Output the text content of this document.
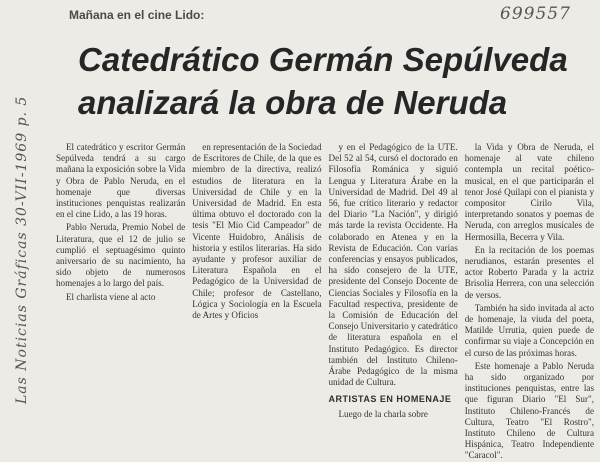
Las Noticias Gráficas 30-VII-1969 p. 5
699557
Mañana en el cine Lido:
Catedrático Germán Sepúlveda analizará la obra de Neruda

El catedrático y escritor Germán Sepúlveda tendrá a su cargo mañana la exposición sobre la Vida y Obra de Pablo Neruda, en el homenaje que diversas instituciones penquistas realizarán en el cine Lido, a las 19 horas.

Pablo Neruda, Premio Nobel de Literatura, que el 12 de julio se cumplió el septuagésimo quinto aniversario de su nacimiento, ha sido objeto de numerosos homenajes a lo largo del país.

El charlista viene al acto

en representación de la Sociedad de Escritores de Chile, de la que es miembro de la directiva, realizó estudios de literatura en la Universidad de Chile y en la Universidad de Madrid. En esta última obtuvo el doctorado con la tesis "El Mío Cid Campeador" de Vicente Huidobro, Análisis de historia y estilos literarias. Ha sido ayudante y profesor auxiliar de Literatura Española en el Pedagógico de la Universidad de Chile; profesor de Castellano, Lógica y Sociología en la Escuela de Artes y Oficios

y en el Pedagógico de la UTE. Del 52 al 54, cursó el doctorado en Filosofía Románica y siguió Lengua y Literatura Árabe en la Universidad de Madrid. Del 49 al 56, fue crítico literario y redactor del Diario "La Nación", y dirigió más tarde la revista Occidente. Ha colaborado en Atenea y en la Revista de Educación. Con varias conferencias y ensayos publicados, ha sido consejero de la UTE, presidente del Consejo Docente de Ciencias Sociales y Filosofía en la Facultad respectiva, presidente de la Comisión de Educación del Consejo Universitario y catedrático de literatura española en el Instituto Pedagógico. Es director también del Instituto Chileno-Árabe Pedagógico de la misma unidad de Cultura.

ARTISTAS EN HOMENAJE

Luego de la charla sobre

la Vida y Obra de Neruda, el homenaje al vate chileno contempla un recital poético-musical, en el que participarán el tenor José Quilapi con el pianista y compositor Cirilo Vila, interpretando sonatos y poemas de Neruda, con arreglos musicales de Hermosilla, Becerra y Vila.

En la recitación de los poemas nerudianos, estarán presentes el actor Roberto Parada y la actriz Brisolia Herrera, con una selección de versos.

También ha sido invitada al acto de homenaje, la viuda del poeta, Matilde Urrutia, quien puede de confirmar su viaje a Concepción en el curso de las próximas horas.

Este homenaje a Pablo Neruda ha sido organizado por instituciones penquistas, entre las que figuran Diario "El Sur", Instituto Chileno-Francés de Cultura, Teatro "El Rostro", Instituto Chileno de Cultura Hispánica, Teatro Independiente "Caracol".
